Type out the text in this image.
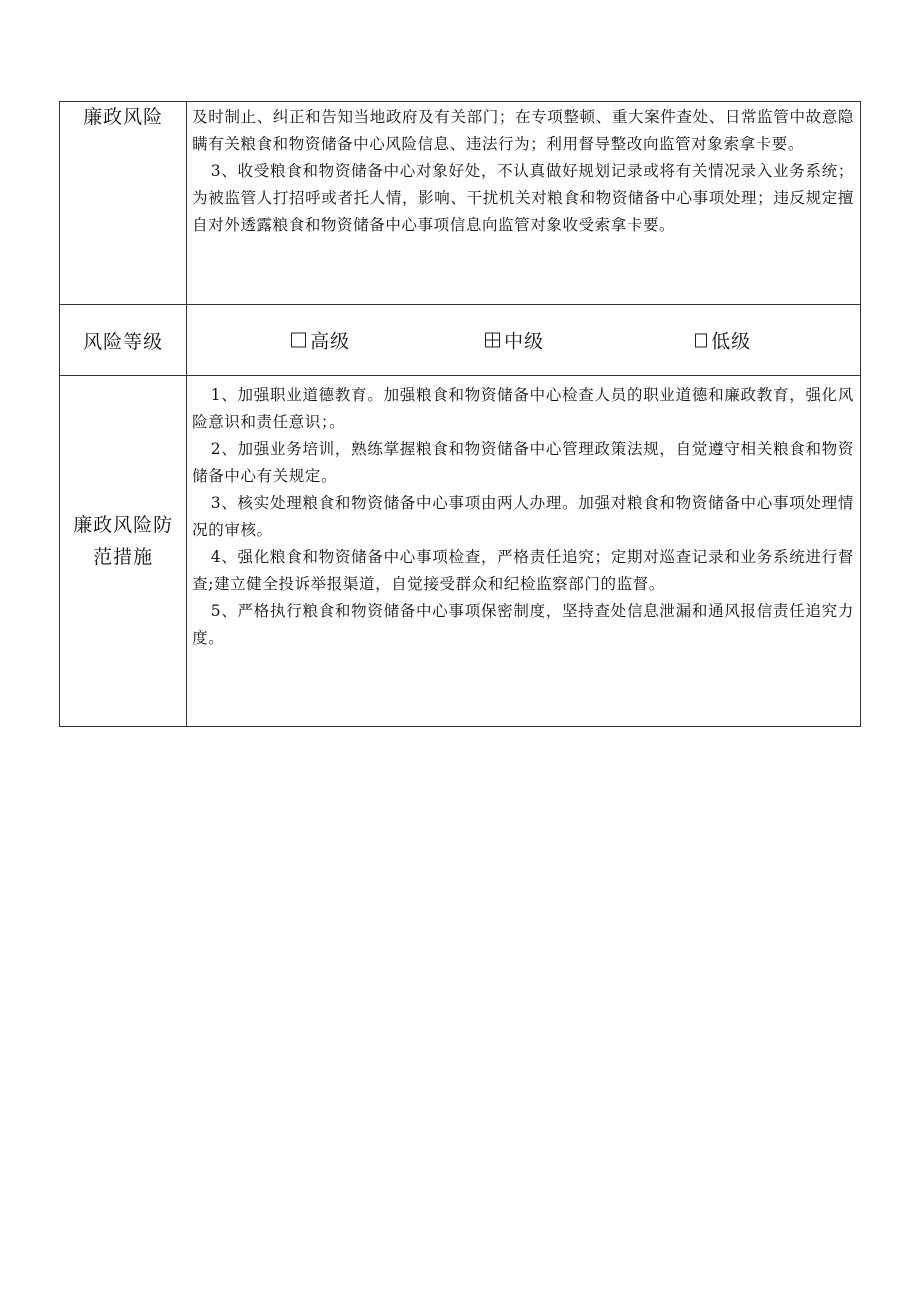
廉政风险	及时制止、纠正和告知当地政府及有关部门；在专项整顿、重大案件查处、日常监管中故意隐瞒有关粮食和物资储备中心风险信息、违法行为；利用督导整改向监管对象索拿卡要。

3、收受粮食和物资储备中心对象好处，不认真做好规划记录或将有关情况录入业务系统；为被监管人打招呼或者托人情，影响、干扰机关对粮食和物资储备中心事项处理；违反规定擅自对外透露粮食和物资储备中心事项信息向监管对象收受索拿卡要。

风险等级	高级 中级 低级

廉政风险防范措施	1、加强职业道德教育。加强粮食和物资储备中心检查人员的职业道德和廉政教育，强化风险意识和责任意识；。

2、加强业务培训，熟练掌握粮食和物资储备中心管理政策法规，自觉遵守相关粮食和物资储备中心有关规定。

3、核实处理粮食和物资储备中心事项由两人办理。加强对粮食和物资储备中心事项处理情况的审核。

4、强化粮食和物资储备中心事项检查，严格责任追究；定期对巡查记录和业务系统进行督查;建立健全投诉举报渠道，自觉接受群众和纪检监察部门的监督。

5、严格执行粮食和物资储备中心事项保密制度，坚持查处信息泄漏和通风报信责任追究力度。
